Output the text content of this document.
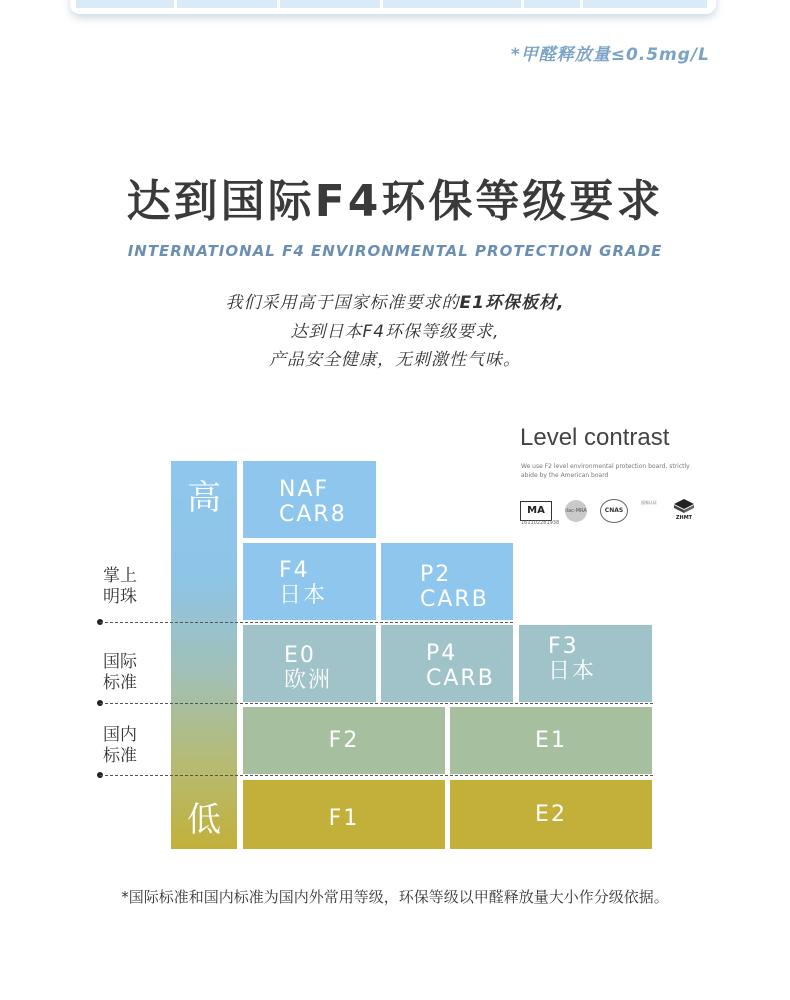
*甲醛释放量≤0.5mg/L
达到国际F4环保等级要求
INTERNATIONAL F4 ENVIRONMENTAL PROTECTION GRADE
我们采用高于国家标准要求的E1环保板材,
达到日本F4环保等级要求,
产品安全健康，无刺激性气味。
Level contrast
We use F2 level environmental protection board, strictly abide by the American board
MA	ilac-MRA	CNAS
国家认证
ZHMT
161102281938
高
低
NAF
CAR8
F4
日本
P2
CARB
E0
欧洲
P4
CARB
F3
日本
F2	E1
F1	E2
掌上
明珠
国际
标准
国内
标准
*国际标准和国内标准为国内外常用等级，环保等级以甲醛释放量大小作分级依据。
